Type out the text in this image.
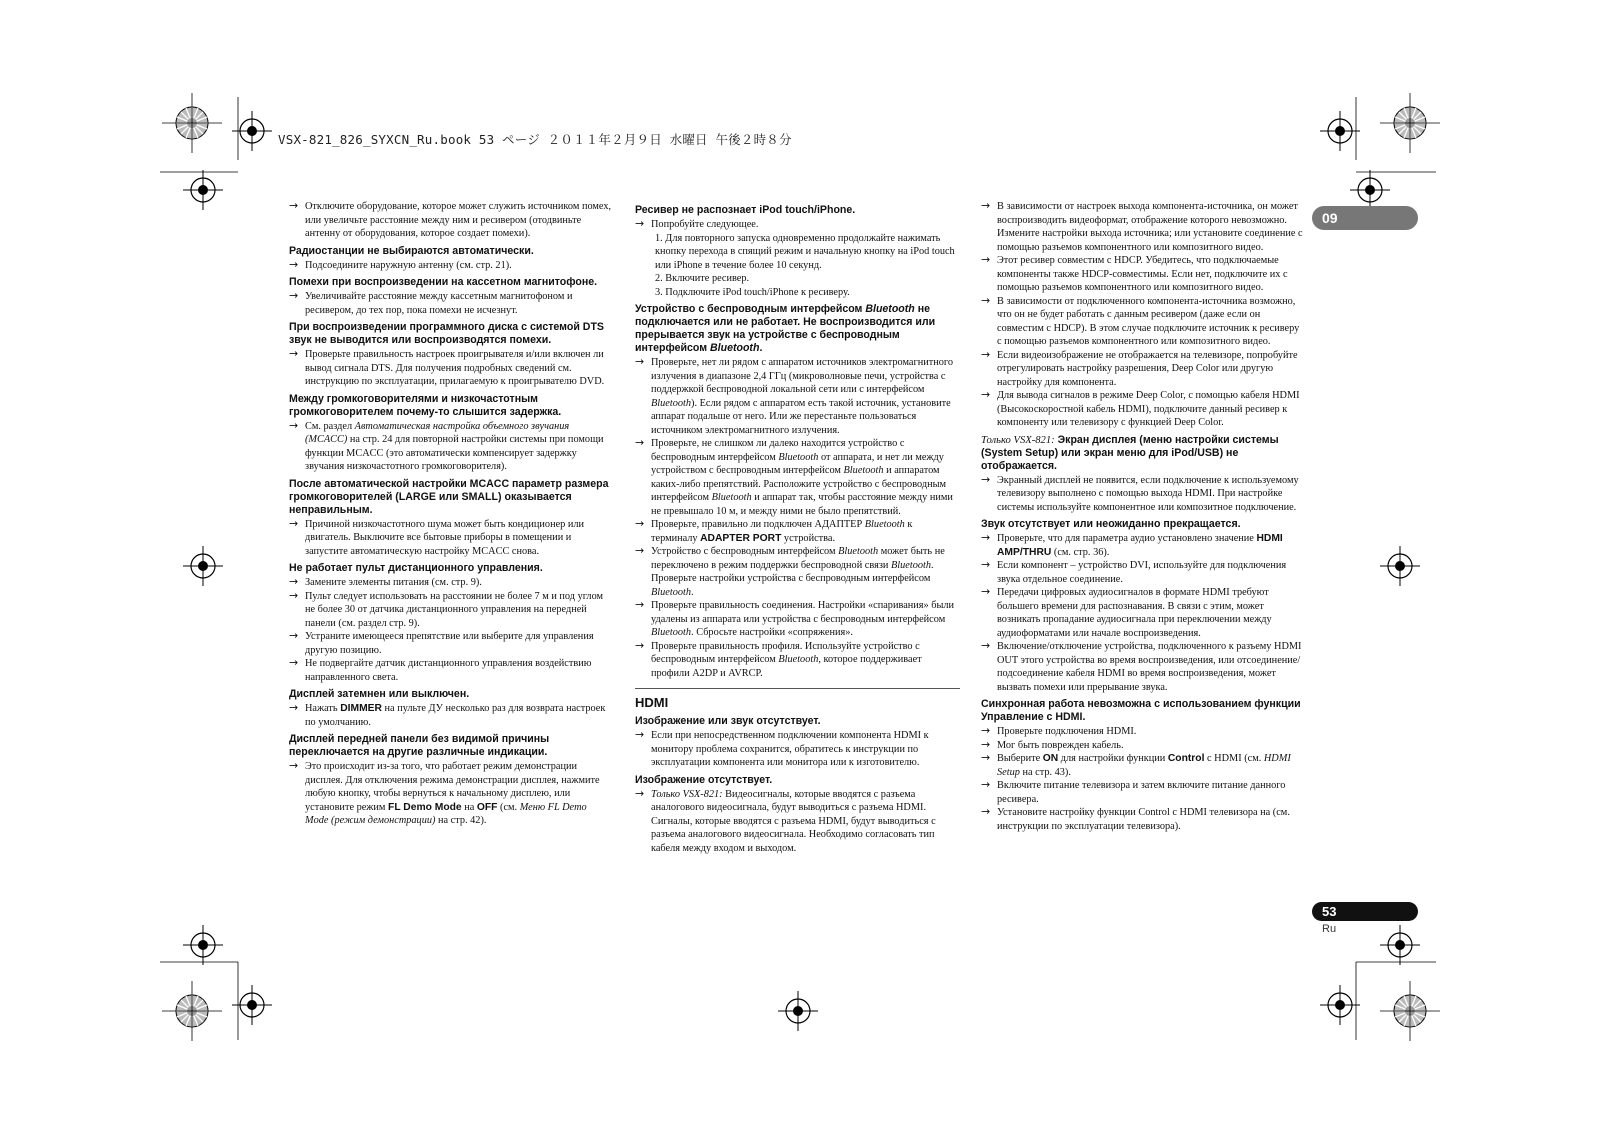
VSX-821_826_SYXCN_Ru.book 53 ページ ２０１１年２月９日 水曜日 午後２時８分
09
53
Ru

→ Отключите оборудование, которое может служить источником помех, или увеличьте расстояние между ним и ресивером (отодвиньте антенну от оборудования, которое создает помехи).

Радиостанции не выбираются автоматически.

→ Подсоедините наружную антенну (см. стр. 21).

Помехи при воспроизведении на кассетном магнитофоне.

→ Увеличивайте расстояние между кассетным магнитофоном и ресивером, до тех пор, пока помехи не исчезнут.

При воспроизведении программного диска с системой DTS звук не выводится или воспроизводятся помехи.

→ Проверьте правильность настроек проигрывателя и/или включен ли вывод сигнала DTS. Для получения подробных сведений см. инструкцию по эксплуатации, прилагаемую к проигрывателю DVD.

Между громкоговорителями и низкочастотным громкоговорителем почему-то слышится задержка.

→ См. раздел Автоматическая настройка объемного звучания (MCACC) на стр. 24 для повторной настройки системы при помощи функции MCACC (это автоматически компенсирует задержку звучания низкочастотного громкоговорителя).

После автоматической настройки MCACC параметр размера громкоговорителей (LARGE или SMALL) оказывается неправильным.

→ Причиной низкочастотного шума может быть кондиционер или двигатель. Выключите все бытовые приборы в помещении и запустите автоматическую настройку MCACC снова.

Не работает пульт дистанционного управления.

→ Замените элементы питания (см. стр. 9).

→ Пульт следует использовать на расстоянии не более 7 м и под углом не более 30 от датчика дистанционного управления на передней панели (см. раздел стр. 9).

→ Устраните имеющееся препятствие или выберите для управления другую позицию.

→ Не подвергайте датчик дистанционного управления воздействию направленного света.

Дисплей затемнен или выключен.

→ Нажать DIMMER на пульте ДУ несколько раз для возврата настроек по умолчанию.

Дисплей передней панели без видимой причины переключается на другие различные индикации.

→ Это происходит из-за того, что работает режим демонстрации дисплея. Для отключения режима демонстрации дисплея, нажмите любую кнопку, чтобы вернуться к начальному дисплею, или установите режим FL Demo Mode на OFF (см. Меню FL Demo Mode (режим демонстрации) на стр. 42).

Ресивер не распознает iPod touch/iPhone.

→ Попробуйте следующее.

1. Для повторного запуска одновременно продолжайте нажимать кнопку перехода в спящий режим и начальную кнопку на iPod touch или iPhone в течение более 10 секунд.

2. Включите ресивер.

3. Подключите iPod touch/iPhone к ресиверу.

Устройство с беспроводным интерфейсом Bluetooth не подключается или не работает. Не воспроизводится или прерывается звук на устройстве с беспроводным интерфейсом Bluetooth.

→ Проверьте, нет ли рядом с аппаратом источников электромагнитного излучения в диапазоне 2,4 ГГц (микроволновые печи, устройства с поддержкой беспроводной локальной сети или с интерфейсом Bluetooth). Если рядом с аппаратом есть такой источник, установите аппарат подальше от него. Или же перестаньте пользоваться источником электромагнитного излучения.

→ Проверьте, не слишком ли далеко находится устройство с беспроводным интерфейсом Bluetooth от аппарата, и нет ли между устройством с беспроводным интерфейсом Bluetooth и аппаратом каких-либо препятствий. Расположите устройство с беспроводным интерфейсом Bluetooth и аппарат так, чтобы расстояние между ними не превышало 10 м, и между ними не было препятствий.

→ Проверьте, правильно ли подключен АДАПТЕР Bluetooth к терминалу ADAPTER PORT устройства.

→ Устройство с беспроводным интерфейсом Bluetooth может быть не переключено в режим поддержки беспроводной связи Bluetooth. Проверьте настройки устройства с беспроводным интерфейсом Bluetooth.

→ Проверьте правильность соединения. Настройки «спаривания» были удалены из аппарата или устройства с беспроводным интерфейсом Bluetooth. Сбросьте настройки «сопряжения».

→ Проверьте правильность профиля. Используйте устройство с беспроводным интерфейсом Bluetooth, которое поддерживает профили A2DP и AVRCP.

HDMI
Изображение или звук отсутствует.

→ Если при непосредственном подключении компонента HDMI к монитору проблема сохранится, обратитесь к инструкции по эксплуатации компонента или монитора или к изготовителю.

Изображение отсутствует.

→ Только VSX-821: Видеосигналы, которые вводятся с разъема аналогового видеосигнала, будут выводиться с разъема HDMI. Сигналы, которые вводятся с разъема HDMI, будут выводиться с разъема аналогового видеосигнала. Необходимо согласовать тип кабеля между входом и выходом.

→ В зависимости от настроек выхода компонента-источника, он может воспроизводить видеоформат, отображение которого невозможно. Измените настройки выхода источника; или установите соединение с помощью разъемов компонентного или композитного видео.

→ Этот ресивер совместим с HDCP. Убедитесь, что подключаемые компоненты также HDCP-совместимы. Если нет, подключите их с помощью разъемов компонентного или композитного видео.

→ В зависимости от подключенного компонента-источника возможно, что он не будет работать с данным ресивером (даже если он совместим с HDCP). В этом случае подключите источник к ресиверу с помощью разъемов компонентного или композитного видео.

→ Если видеоизображение не отображается на телевизоре, попробуйте отрегулировать настройку разрешения, Deep Color или другую настройку для компонента.

→ Для вывода сигналов в режиме Deep Color, с помощью кабеля HDMI (Высокоскоростной кабель HDMI), подключите данный ресивер к компоненту или телевизору с функцией Deep Color.

Только VSX-821: Экран дисплея (меню настройки системы (System Setup) или экран меню для iPod/USB) не отображается.

→ Экранный дисплей не появится, если подключение к используемому телевизору выполнено с помощью выхода HDMI. При настройке системы используйте компонентное или композитное подключение.

Звук отсутствует или неожиданно прекращается.

→ Проверьте, что для параметра аудио установлено значение HDMI AMP/THRU (см. стр. 36).

→ Если компонент – устройство DVI, используйте для подключения звука отдельное соединение.

→ Передачи цифровых аудиосигналов в формате HDMI требуют большего времени для распознавания. В связи с этим, может возникать пропадание аудиосигнала при переключении между аудиоформатами или начале воспроизведения.

→ Включение/отключение устройства, подключенного к разъему HDMI OUT этого устройства во время воспроизведения, или отсоединение/подсоединение кабеля HDMI во время воспроизведения, может вызвать помехи или прерывание звука.

Синхронная работа невозможна с использованием функции Управление с HDMI.

→ Проверьте подключения HDMI.

→ Мог быть поврежден кабель.

→ Выберите ON для настройки функции Control с HDMI (см. HDMI Setup на стр. 43).

→ Включите питание телевизора и затем включите питание данного ресивера.

→ Установите настройку функции Control с HDMI телевизора на (см. инструкции по эксплуатации телевизора).
